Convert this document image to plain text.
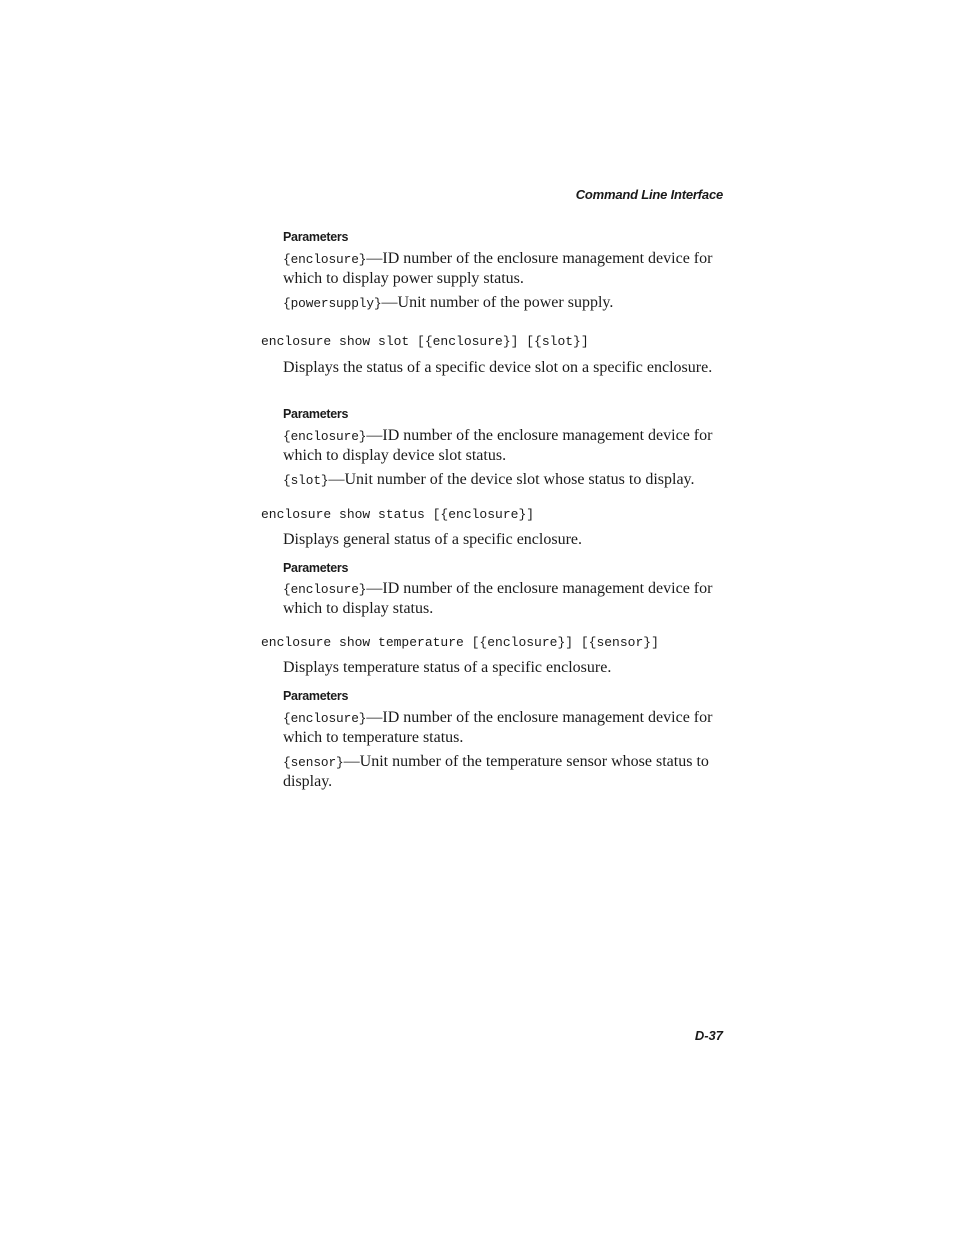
Command Line Interface
Parameters
{enclosure}—ID number of the enclosure management device for which to display power supply status.
{powersupply}—Unit number of the power supply.
enclosure show slot [{enclosure}] [{slot}]
Displays the status of a specific device slot on a specific enclosure.
Parameters
{enclosure}—ID number of the enclosure management device for which to display device slot status.
{slot}—Unit number of the device slot whose status to display.
enclosure show status [{enclosure}]
Displays general status of a specific enclosure.
Parameters
{enclosure}—ID number of the enclosure management device for which to display status.
enclosure show temperature [{enclosure}] [{sensor}]
Displays temperature status of a specific enclosure.
Parameters
{enclosure}—ID number of the enclosure management device for which to temperature status.
{sensor}—Unit number of the temperature sensor whose status to display.
D-37
